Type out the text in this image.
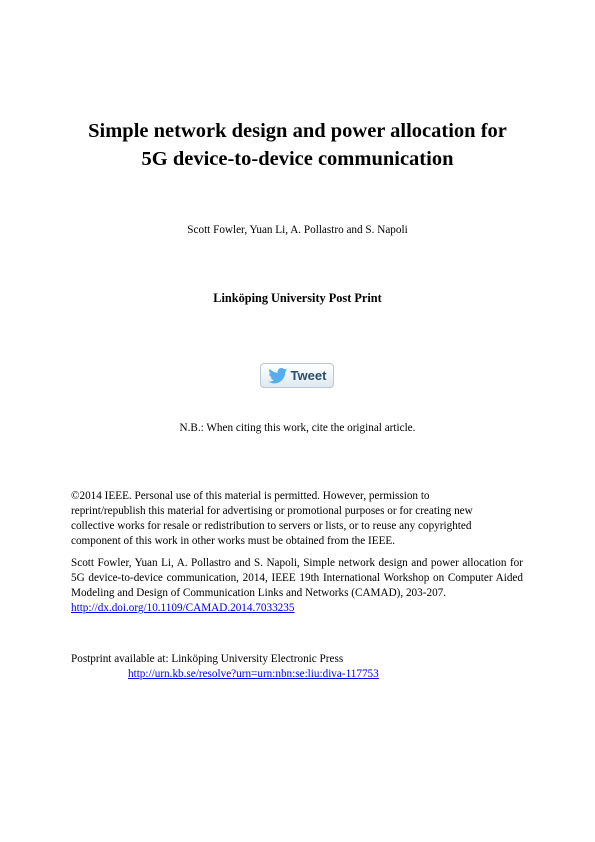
Simple network design and power allocation for
5G device-to-device communication
Scott Fowler, Yuan Li, A. Pollastro and S. Napoli
Linköping University Post Print
Tweet
N.B.: When citing this work, cite the original article.
©2014 IEEE. Personal use of this material is permitted. However, permission to
reprint/republish this material for advertising or promotional purposes or for creating new
collective works for resale or redistribution to servers or lists, or to reuse any copyrighted
component of this work in other works must be obtained from the IEEE.
Scott Fowler, Yuan Li, A. Pollastro and S. Napoli, Simple network design and power allocation for 5G device-to-device communication, 2014, IEEE 19th International Workshop on Computer Aided Modeling and Design of Communication Links and Networks (CAMAD), 203-207.
http://dx.doi.org/10.1109/CAMAD.2014.7033235
Postprint available at: Linköping University Electronic Press
http://urn.kb.se/resolve?urn=urn:nbn:se:liu:diva-117753
